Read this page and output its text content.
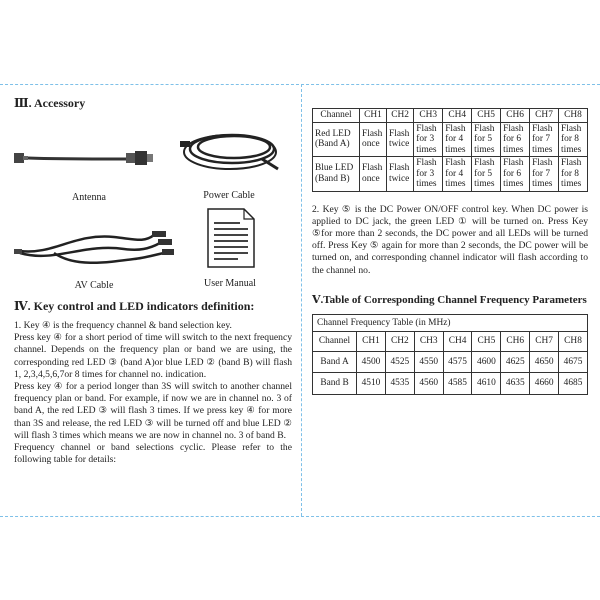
Ⅲ. Accessory

Antenna	Power Cable
AV Cable	User Manual

Ⅳ. Key control and LED indicators definition:

1. Key ④ is the frequency channel & band selection key.

Press key ④ for a short period of time will switch to the next frequency channel. Depends on the frequency plan or band we are using, the corresponding red LED ③ (band A)or blue LED ② (band B) will flash 1, 2,3,4,5,6,7or 8 times for channel no. indication.

Press key ④ for a period longer than 3S will switch to another channel frequency plan or band. For example, if now we are in channel no. 3 of band A, the red LED ③ will flash 3 times. If we press key ④ for more than 3S and release, the red LED ③ will be turned off and blue LED ② will flash 3 times which means we are now in channel no. 3 of band B.

Frequency channel or band selections cyclic. Please refer to the following table for details:

Channel	CH1	CH2	CH3	CH4	CH5	CH6	CH7	CH8
Red LED (Band A)	Flash once	Flash twice	Flash for 3 times	Flash for 4 times	Flash for 5 times	Flash for 6 times	Flash for 7 times	Flash for 8 times
Blue LED (Band B)	Flash once	Flash twice	Flash for 3 times	Flash for 4 times	Flash for 5 times	Flash for 6 times	Flash for 7 times	Flash for 8 times

2. Key ⑤ is the DC Power ON/OFF control key. When DC power is applied to DC jack, the green LED ① will be turned on. Press Key ⑤for more than 2 seconds, the DC power and all LEDs will be turned off. Press Key ⑤ again for more than 2 seconds, the DC power will be turned on, and corresponding channel indicator will flash according to the channel no.

Ⅴ.Table of Corresponding Channel Frequency Parameters

Channel Frequency Table (in MHz)								
Channel	CH1	CH2	CH3	CH4	CH5	CH6	CH7	CH8
Band A	4500	4525	4550	4575	4600	4625	4650	4675
Band B	4510	4535	4560	4585	4610	4635	4660	4685
